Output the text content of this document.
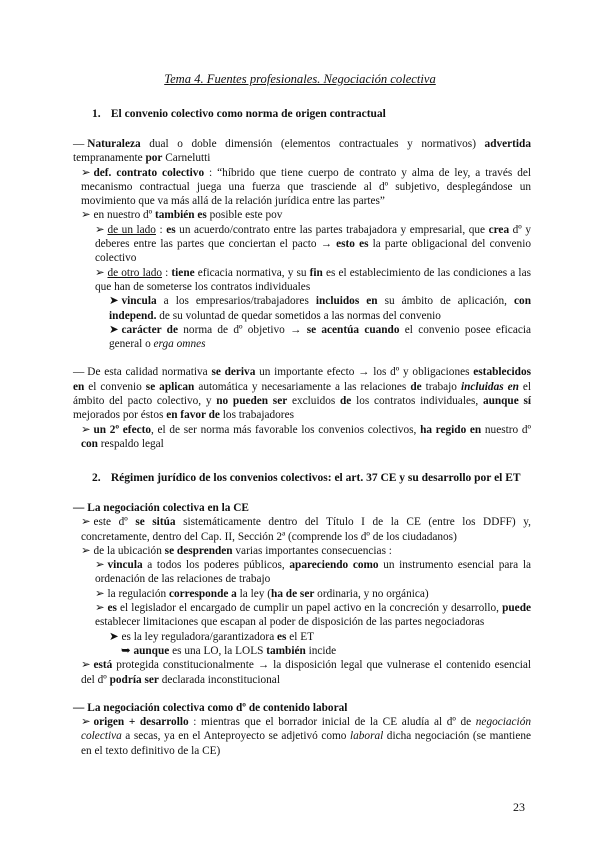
Tema 4. Fuentes profesionales. Negociación colectiva
1. El convenio colectivo como norma de origen contractual

— Naturaleza dual o doble dimensión (elementos contractuales y normativos) advertida tempranamente por Carnelutti

➢ def. contrato colectivo : “híbrido que tiene cuerpo de contrato y alma de ley, a través del mecanismo contractual juega una fuerza que trasciende al dº subjetivo, desplegándose un movimiento que va más allá de la relación jurídica entre las partes”

➢ en nuestro dº también es posible este pov

➢ de un lado : es un acuerdo/contrato entre las partes trabajadora y empresarial, que crea dº y deberes entre las partes que conciertan el pacto → esto es la parte obligacional del convenio colectivo

➢ de otro lado : tiene eficacia normativa, y su fin es el establecimiento de las condiciones a las que han de someterse los contratos individuales

➤ vincula a los empresarios/trabajadores incluidos en su ámbito de aplicación, con independ. de su voluntad de quedar sometidos a las normas del convenio

➤ carácter de norma de dº objetivo → se acentúa cuando el convenio posee eficacia general o erga omnes

— De esta calidad normativa se deriva un importante efecto → los dº y obligaciones establecidos en el convenio se aplican automática y necesariamente a las relaciones de trabajo incluidas en el ámbito del pacto colectivo, y no pueden ser excluidos de los contratos individuales, aunque sí mejorados por éstos en favor de los trabajadores

➢ un 2º efecto, el de ser norma más favorable los convenios colectivos, ha regido en nuestro dº con respaldo legal

2. Régimen jurídico de los convenios colectivos: el art. 37 CE y su desarrollo por el ET

— La negociación colectiva en la CE

➢ este dº se sitúa sistemáticamente dentro del Título I de la CE (entre los DDFF) y, concretamente, dentro del Cap. II, Sección 2ª (comprende los dº de los ciudadanos)

➢ de la ubicación se desprenden varias importantes consecuencias :

➢ vincula a todos los poderes públicos, apareciendo como un instrumento esencial para la ordenación de las relaciones de trabajo

➢ la regulación corresponde a la ley (ha de ser ordinaria, y no orgánica)

➢ es el legislador el encargado de cumplir un papel activo en la concreción y desarrollo, puede establecer limitaciones que escapan al poder de disposición de las partes negociadoras

➤ es la ley reguladora/garantizadora es el ET

➥ aunque es una LO, la LOLS también incide

➢ está protegida constitucionalmente → la disposición legal que vulnerase el contenido esencial del dº podría ser declarada inconstitucional

— La negociación colectiva como dº de contenido laboral

➢ origen + desarrollo : mientras que el borrador inicial de la CE aludía al dº de negociación colectiva a secas, ya en el Anteproyecto se adjetivó como laboral dicha negociación (se mantiene en el texto definitivo de la CE)

23
